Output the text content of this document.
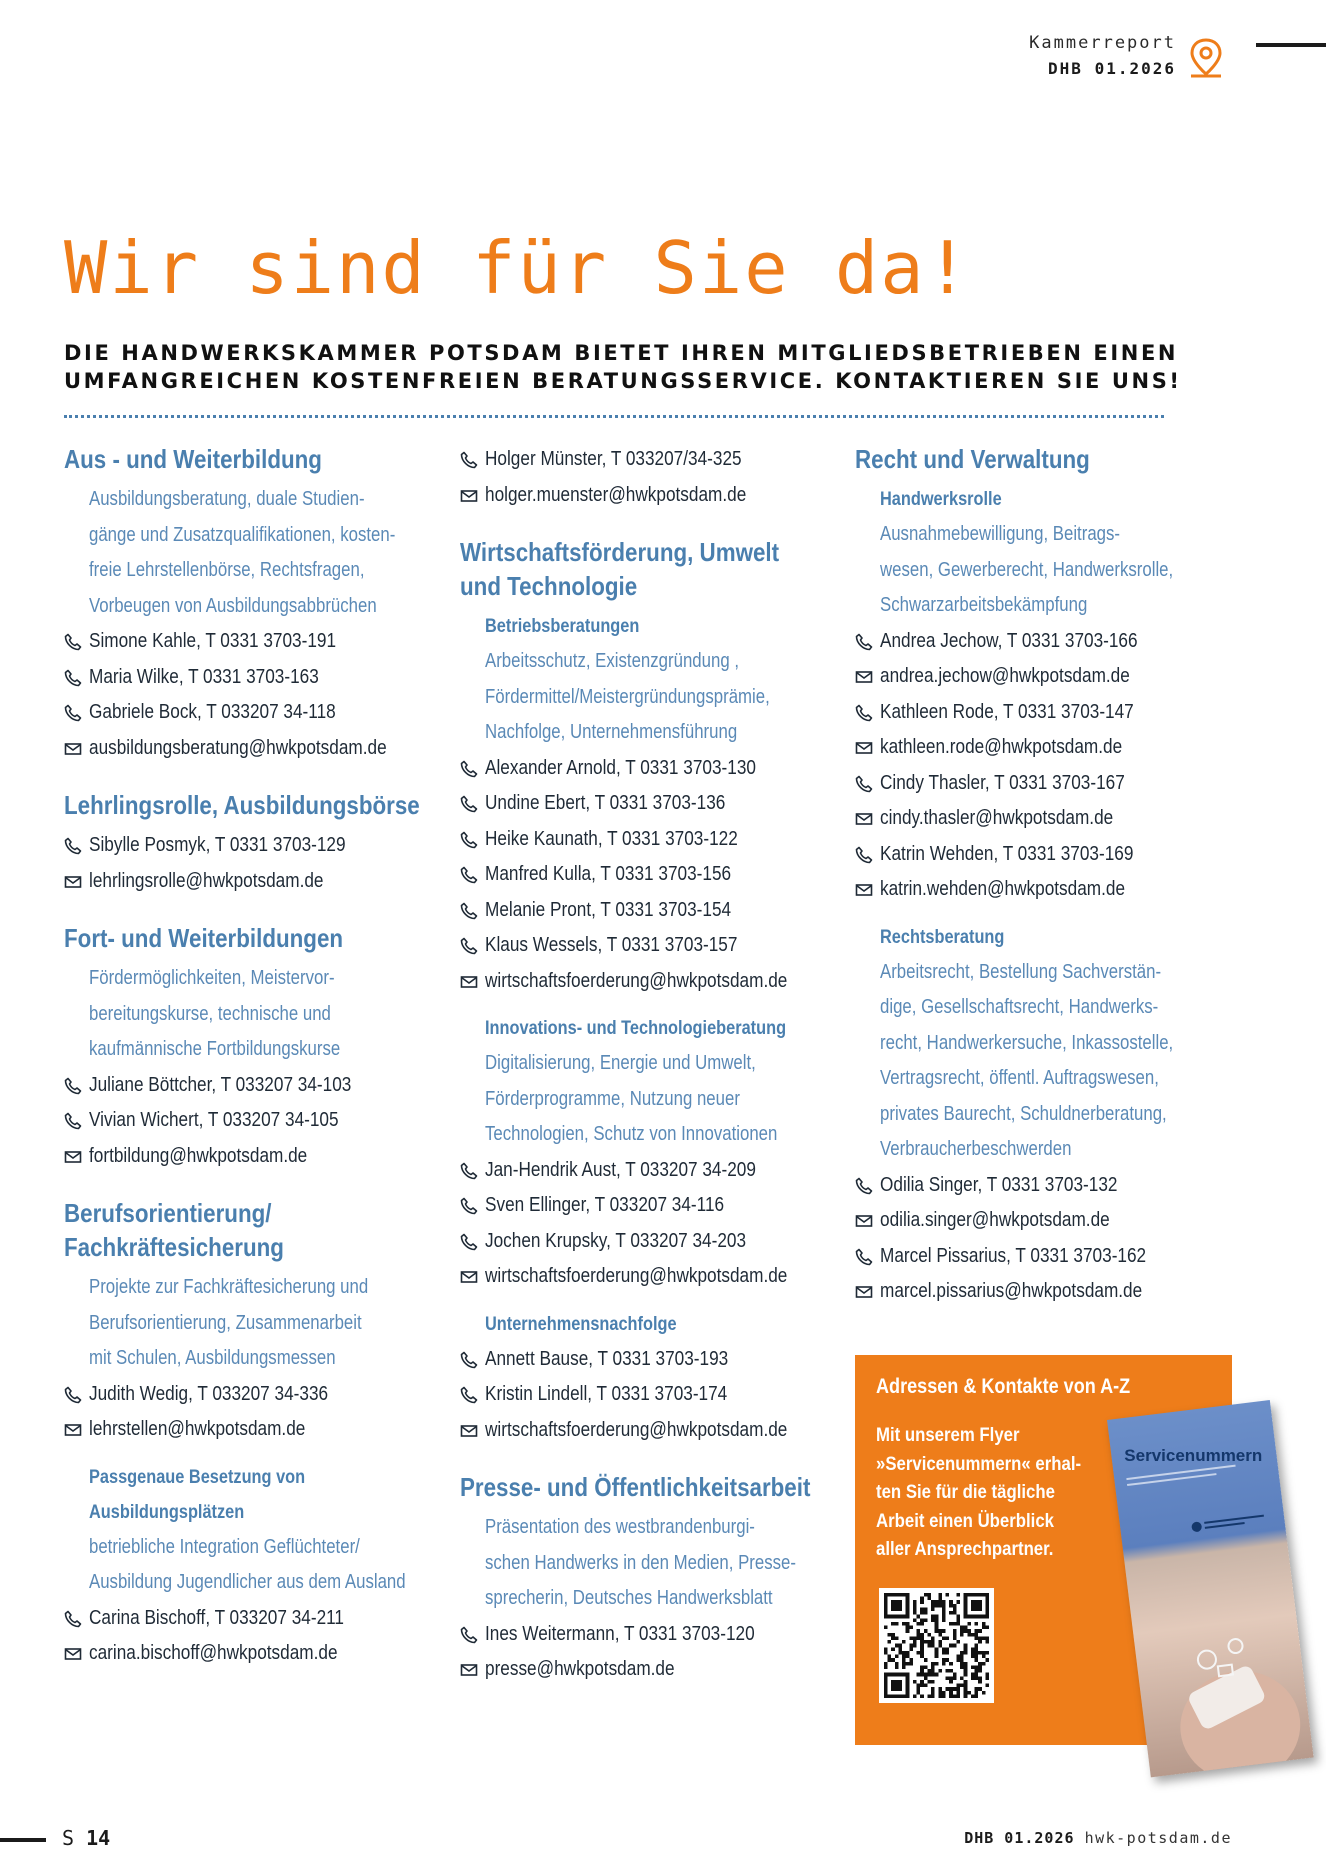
Kammerreport
DHB 01.2026
Wir sind für Sie da!
DIE HANDWERKSKAMMER POTSDAM BIETET IHREN MITGLIEDSBETRIEBEN EINEN
UMFANGREICHEN KOSTENFREIEN BERATUNGSSERVICE. KONTAKTIEREN SIE UNS!
Aus - und Weiterbildung
Ausbildungsberatung, duale Studien-
gänge und Zusatzqualifikationen, kosten-
freie Lehrstellenbörse, Rechtsfragen,
Vorbeugen von Ausbildungsabbrüchen
Simone Kahle, T 0331 3703-191
Maria Wilke, T 0331 3703-163
Gabriele Bock, T 033207 34-118
ausbildungsberatung@hwkpotsdam.de
Lehrlingsrolle, Ausbildungsbörse
Sibylle Posmyk, T 0331 3703-129
lehrlingsrolle@hwkpotsdam.de
Fort- und Weiterbildungen
Fördermöglichkeiten, Meistervor-
bereitungskurse, technische und
kaufmännische Fortbildungskurse
Juliane Böttcher, T 033207 34-103
Vivian Wichert, T 033207 34-105
fortbildung@hwkpotsdam.de
Berufsorientierung/
Fachkräftesicherung
Projekte zur Fachkräftesicherung und
Berufsorientierung, Zusammenarbeit
mit Schulen, Ausbildungsmessen
Judith Wedig, T 033207 34-336
lehrstellen@hwkpotsdam.de
Passgenaue Besetzung von
Ausbildungsplätzen
betriebliche Integration Geflüchteter/
Ausbildung Jugendlicher aus dem Ausland
Carina Bischoff, T 033207 34-211
carina.bischoff@hwkpotsdam.de
Holger Münster, T 033207/34-325
holger.muenster@hwkpotsdam.de
Wirtschaftsförderung, Umwelt
und Technologie
Betriebsberatungen
Arbeitsschutz, Existenzgründung ,
Fördermittel/Meistergründungsprämie,
Nachfolge, Unternehmensführung
Alexander Arnold, T 0331 3703-130
Undine Ebert, T 0331 3703-136
Heike Kaunath, T 0331 3703-122
Manfred Kulla, T 0331 3703-156
Melanie Pront, T 0331 3703-154
Klaus Wessels, T 0331 3703-157
wirtschaftsfoerderung@hwkpotsdam.de
Innovations- und Technologieberatung
Digitalisierung, Energie und Umwelt,
Förderprogramme, Nutzung neuer
Technologien, Schutz von Innovationen
Jan-Hendrik Aust, T 033207 34-209
Sven Ellinger, T 033207 34-116
Jochen Krupsky, T 033207 34-203
wirtschaftsfoerderung@hwkpotsdam.de
Unternehmensnachfolge
Annett Bause, T 0331 3703-193
Kristin Lindell, T 0331 3703-174
wirtschaftsfoerderung@hwkpotsdam.de
Presse- und Öffentlichkeitsarbeit
Präsentation des westbrandenburgi-
schen Handwerks in den Medien, Presse-
sprecherin, Deutsches Handwerksblatt
Ines Weitermann, T 0331 3703-120
presse@hwkpotsdam.de
Recht und Verwaltung
Handwerksrolle
Ausnahmebewilligung, Beitrags-
wesen, Gewerberecht, Handwerksrolle,
Schwarzarbeitsbekämpfung
Andrea Jechow, T 0331 3703-166
andrea.jechow@hwkpotsdam.de
Kathleen Rode, T 0331 3703-147
kathleen.rode@hwkpotsdam.de
Cindy Thasler, T 0331 3703-167
cindy.thasler@hwkpotsdam.de
Katrin Wehden, T 0331 3703-169
katrin.wehden@hwkpotsdam.de
Rechtsberatung
Arbeitsrecht, Bestellung Sachverstän-
dige, Gesellschaftsrecht, Handwerks-
recht, Handwerkersuche, Inkassostelle,
Vertragsrecht, öffentl. Auftragswesen,
privates Baurecht, Schuldnerberatung,
Verbraucherbeschwerden
Odilia Singer, T 0331 3703-132
odilia.singer@hwkpotsdam.de
Marcel Pissarius, T 0331 3703-162
marcel.pissarius@hwkpotsdam.de
Adressen & Kontakte von A-Z
Mit unserem Flyer
»Servicenummern« erhal-
ten Sie für die tägliche
Arbeit einen Überblick
aller Ansprechpartner.
Servicenummern
S 14	DHB 01.2026 hwk-potsdam.de
